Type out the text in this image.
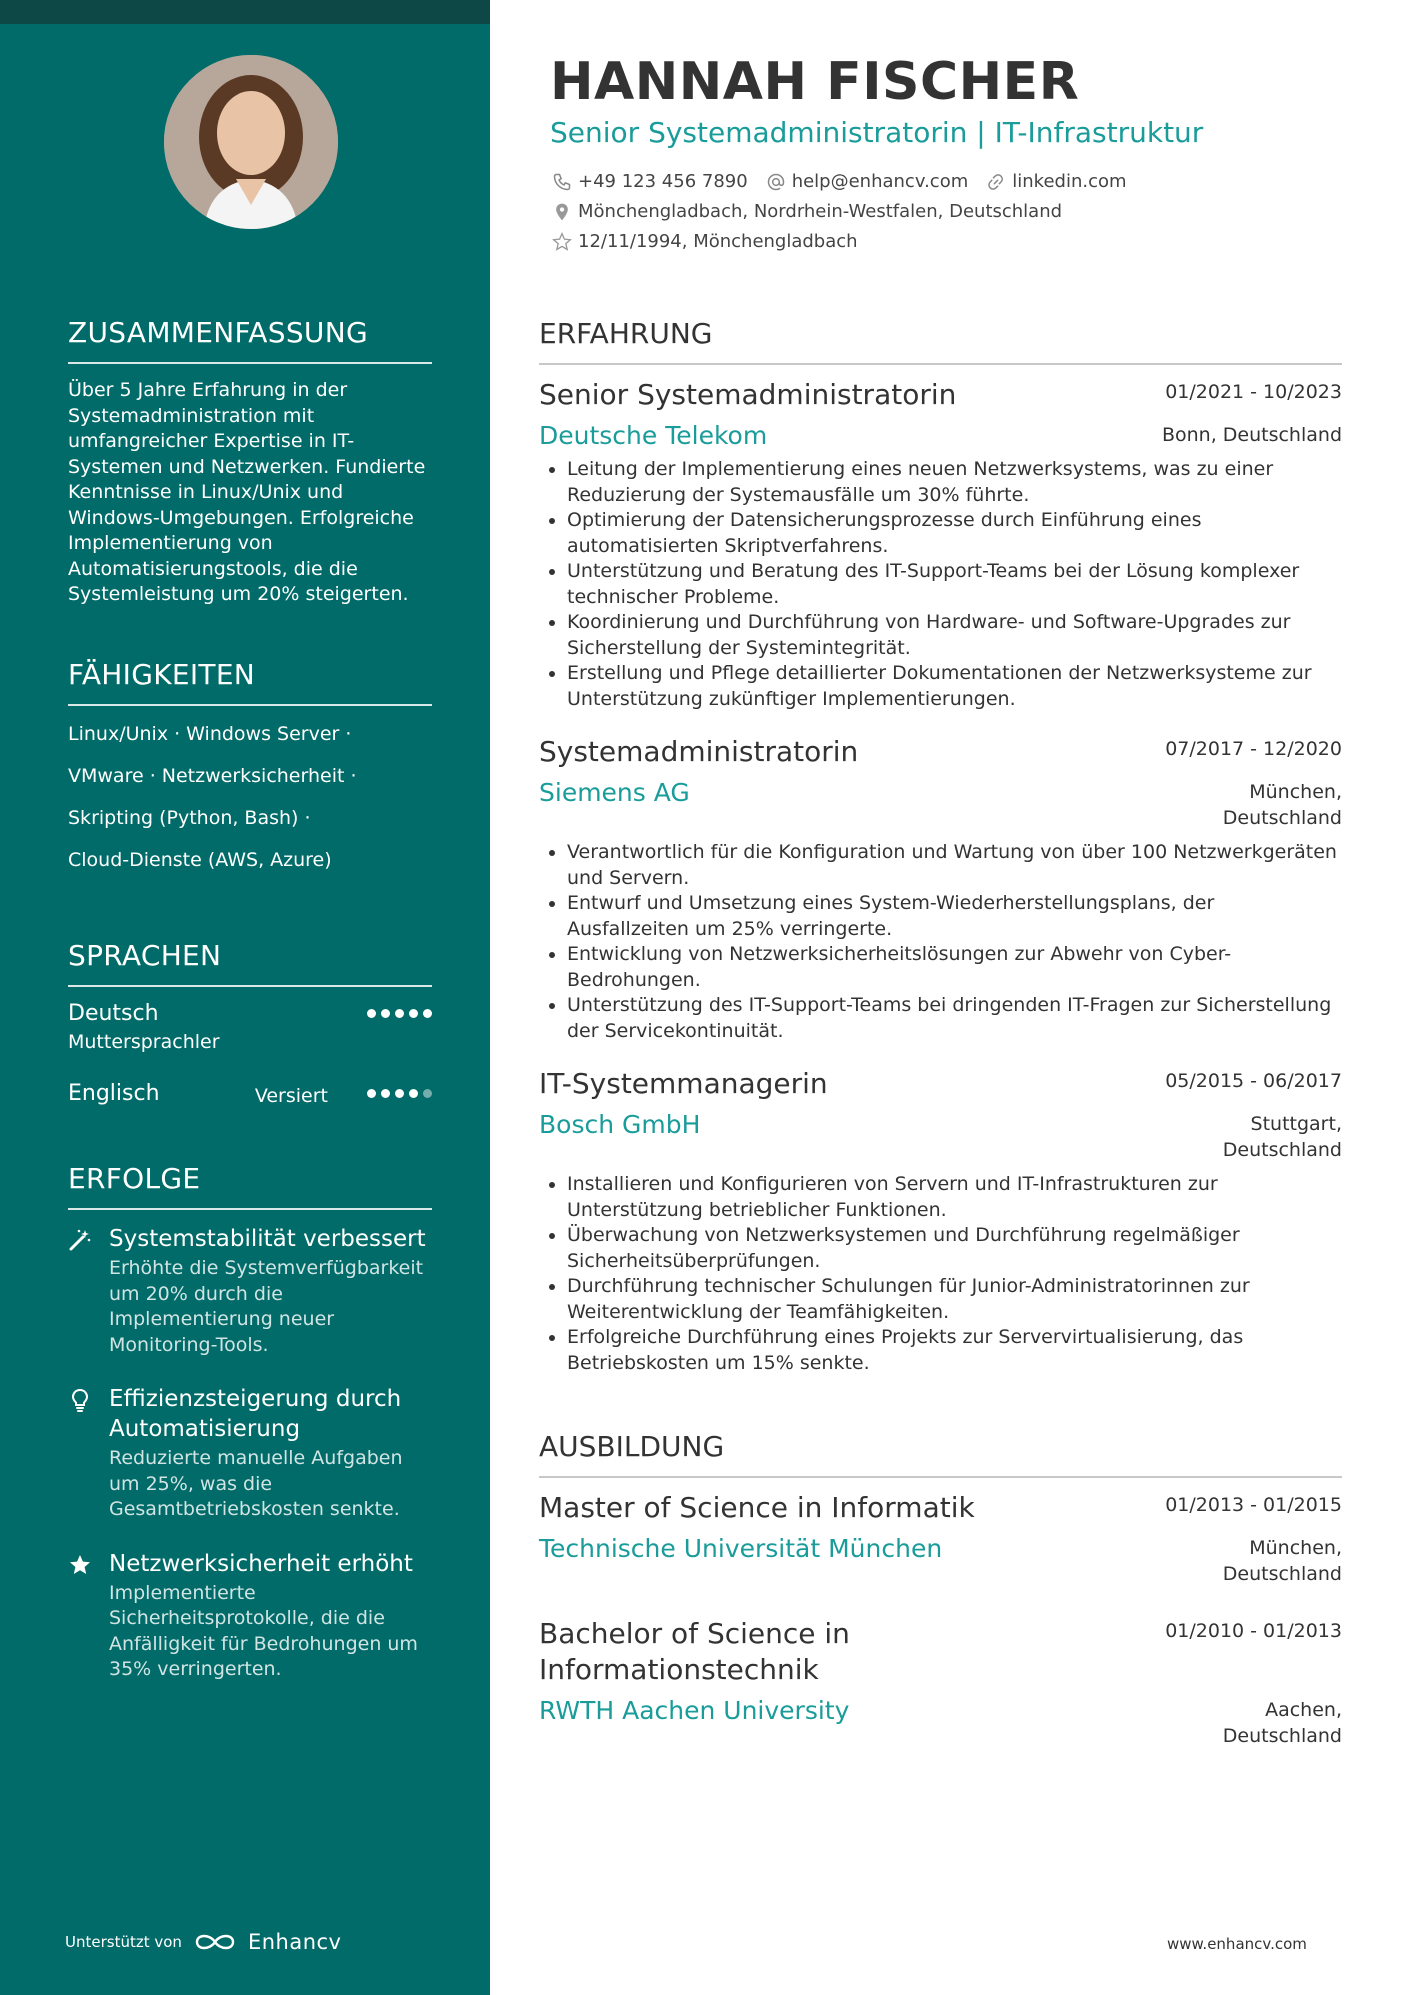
ZUSAMMENFASSUNG
Über 5 Jahre Erfahrung in der Systemadministration mit umfangreicher Expertise in IT-Systemen und Netzwerken. Fundierte Kenntnisse in Linux/Unix und Windows-Umgebungen. Erfolgreiche Implementierung von Automatisierungstools, die die Systemleistung um 20% steigerten.
FÄHIGKEITEN
Linux/Unix · Windows Server ·
VMware · Netzwerksicherheit ·
Skripting (Python, Bash) ·
Cloud-Dienste (AWS, Azure)
SPRACHEN
Deutsch
Muttersprachler
Englisch	Versiert
ERFOLGE
Systemstabilität verbessert
Erhöhte die Systemverfügbarkeit um 20% durch die Implementierung neuer Monitoring-Tools.
Effizienzsteigerung durch Automatisierung
Reduzierte manuelle Aufgaben um 25%, was die Gesamtbetriebskosten senkte.
Netzwerksicherheit erhöht
Implementierte Sicherheitsprotokolle, die die Anfälligkeit für Bedrohungen um 35% verringerten.
Unterstützt von	Enhancv
HANNAH FISCHER
Senior Systemadministratorin | IT-Infrastruktur
+49 123 456 7890 help@enhancv.com linkedin.com
Mönchengladbach, Nordrhein-Westfalen, Deutschland
12/11/1994, Mönchengladbach
ERFAHRUNG
Senior Systemadministratorin	01/2021 - 10/2023
Deutsche Telekom	Bonn, Deutschland
• Leitung der Implementierung eines neuen Netzwerksystems, was zu einer Reduzierung der Systemausfälle um 30% führte.
• Optimierung der Datensicherungsprozesse durch Einführung eines automatisierten Skriptverfahrens.
• Unterstützung und Beratung des IT-Support-Teams bei der Lösung komplexer technischer Probleme.
• Koordinierung und Durchführung von Hardware- und Software-Upgrades zur Sicherstellung der Systemintegrität.
• Erstellung und Pflege detaillierter Dokumentationen der Netzwerksysteme zur Unterstützung zukünftiger Implementierungen.
Systemadministratorin	07/2017 - 12/2020
Siemens AG	München, Deutschland
• Verantwortlich für die Konfiguration und Wartung von über 100 Netzwerkgeräten und Servern.
• Entwurf und Umsetzung eines System-Wiederherstellungsplans, der Ausfallzeiten um 25% verringerte.
• Entwicklung von Netzwerksicherheitslösungen zur Abwehr von Cyber-Bedrohungen.
• Unterstützung des IT-Support-Teams bei dringenden IT-Fragen zur Sicherstellung der Servicekontinuität.
IT-Systemmanagerin	05/2015 - 06/2017
Bosch GmbH	Stuttgart, Deutschland
• Installieren und Konfigurieren von Servern und IT-Infrastrukturen zur Unterstützung betrieblicher Funktionen.
• Überwachung von Netzwerksystemen und Durchführung regelmäßiger Sicherheitsüberprüfungen.
• Durchführung technischer Schulungen für Junior-Administratorinnen zur Weiterentwicklung der Teamfähigkeiten.
• Erfolgreiche Durchführung eines Projekts zur Servervirtualisierung, das Betriebskosten um 15% senkte.
AUSBILDUNG
Master of Science in Informatik	01/2013 - 01/2015
Technische Universität München	München, Deutschland
Bachelor of Science in Informationstechnik
01/2010 - 01/2013
RWTH Aachen University	Aachen, Deutschland
www.enhancv.com
